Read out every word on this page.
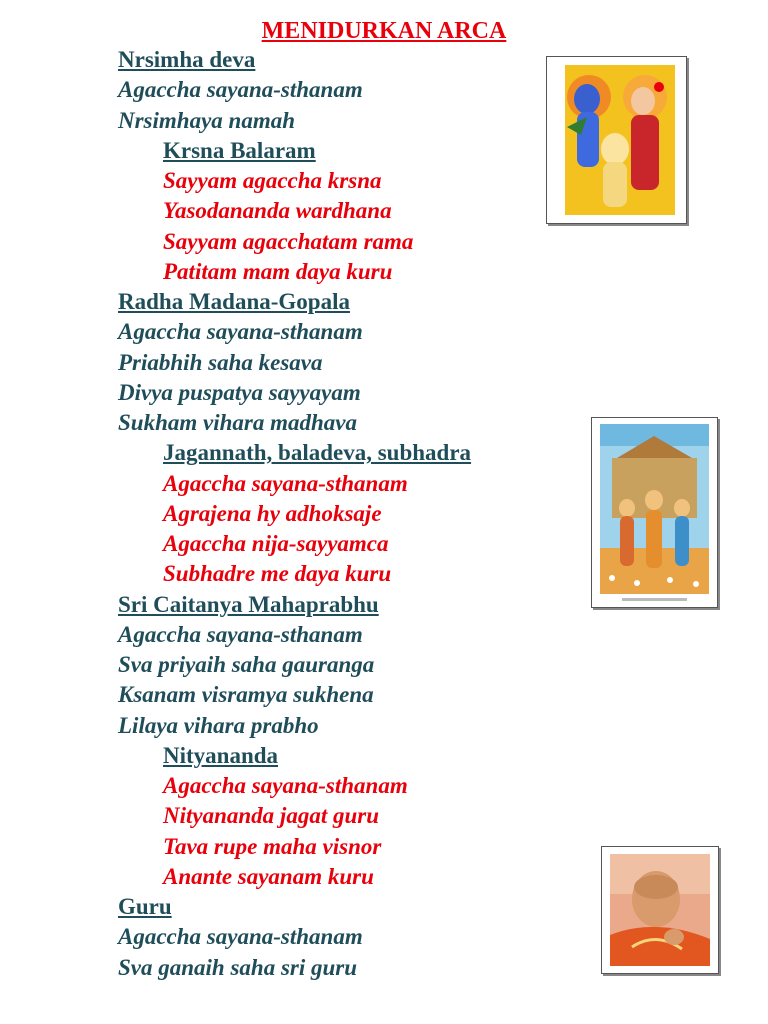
MENIDURKAN ARCA
Nrsimha deva
Agaccha sayana-sthanam
Nrsimhaya namah
Krsna Balaram
Sayyam agaccha krsna
Yasodananda wardhana
Sayyam agacchatam rama
Patitam mam daya kuru
Radha Madana-Gopala
Agaccha sayana-sthanam
Priabhih saha kesava
Divya puspatya sayyayam
Sukham vihara madhava
Jagannath, baladeva, subhadra
Agaccha sayana-sthanam
Agrajena hy adhoksaje
Agaccha nija-sayyamca
Subhadre me daya kuru
Sri Caitanya Mahaprabhu
Agaccha sayana-sthanam
Sva priyaih saha gauranga
Ksanam visramya sukhena
Lilaya vihara prabho
Nityananda
Agaccha sayana-sthanam
Nityananda jagat guru
Tava rupe maha visnor
Anante sayanam kuru
Guru
Agaccha sayana-sthanam
Sva ganaih saha sri guru
